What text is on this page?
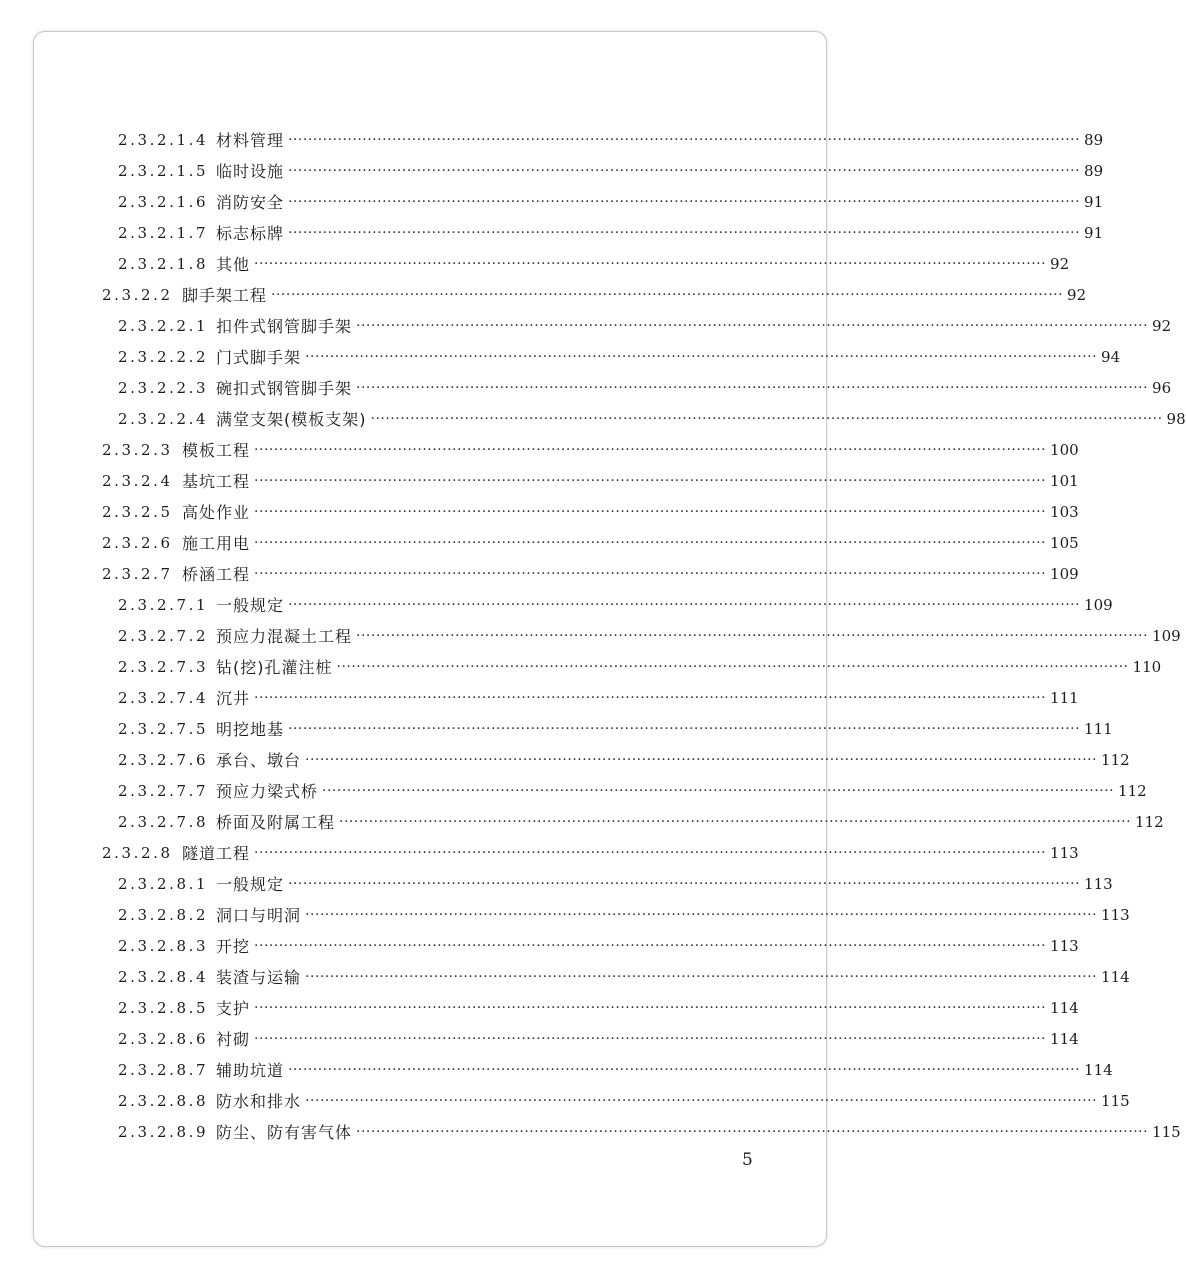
2.3.2.1.4 材料管理 ································································································································································ 89
2.3.2.1.5 临时设施 ································································································································································ 89
2.3.2.1.6 消防安全 ································································································································································ 91
2.3.2.1.7 标志标牌 ································································································································································ 91
2.3.2.1.8 其他 ································································································································································ 92
2.3.2.2 脚手架工程 ································································································································································ 92
2.3.2.2.1 扣件式钢管脚手架 ································································································································································ 92
2.3.2.2.2 门式脚手架 ································································································································································ 94
2.3.2.2.3 碗扣式钢管脚手架 ································································································································································ 96
2.3.2.2.4 满堂支架(模板支架) ································································································································································ 98
2.3.2.3 模板工程 ································································································································································ 100
2.3.2.4 基坑工程 ································································································································································ 101
2.3.2.5 高处作业 ································································································································································ 103
2.3.2.6 施工用电 ································································································································································ 105
2.3.2.7 桥涵工程 ································································································································································ 109
2.3.2.7.1 一般规定 ································································································································································ 109
2.3.2.7.2 预应力混凝土工程 ································································································································································ 109
2.3.2.7.3 钻(挖)孔灌注桩 ································································································································································ 110
2.3.2.7.4 沉井 ································································································································································ 111
2.3.2.7.5 明挖地基 ································································································································································ 111
2.3.2.7.6 承台、墩台 ································································································································································ 112
2.3.2.7.7 预应力梁式桥 ································································································································································ 112
2.3.2.7.8 桥面及附属工程 ································································································································································ 112
2.3.2.8 隧道工程 ································································································································································ 113
2.3.2.8.1 一般规定 ································································································································································ 113
2.3.2.8.2 洞口与明洞 ································································································································································ 113
2.3.2.8.3 开挖 ································································································································································ 113
2.3.2.8.4 装渣与运输 ································································································································································ 114
2.3.2.8.5 支护 ································································································································································ 114
2.3.2.8.6 衬砌 ································································································································································ 114
2.3.2.8.7 辅助坑道 ································································································································································ 114
2.3.2.8.8 防水和排水 ································································································································································ 115
2.3.2.8.9 防尘、防有害气体 ································································································································································ 115
5
